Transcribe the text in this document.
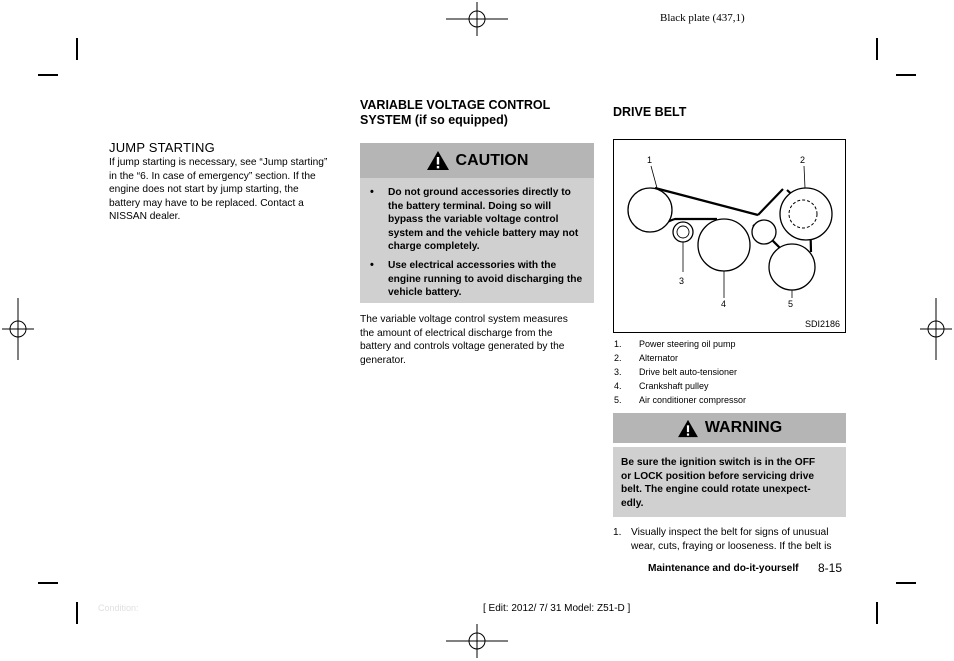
Black plate (437,1)
JUMP STARTING
If jump starting is necessary, see “Jump starting”
in the “6. In case of emergency” section. If the
engine does not start by jump starting, the
battery may have to be replaced. Contact a
NISSAN dealer.
VARIABLE VOLTAGE CONTROL
SYSTEM (if so equipped)
CAUTION
• Do not ground accessories directly to the battery terminal. Doing so will bypass the variable voltage control system and the vehicle battery may not charge completely.
• Use electrical accessories with the engine running to avoid discharging the vehicle battery.
The variable voltage control system measures
the amount of electrical discharge from the
battery and controls voltage generated by the
generator.
DRIVE BELT
1	2
3
4	5
SDI2186
1. Power steering oil pump
2. Alternator
3. Drive belt auto-tensioner
4. Crankshaft pulley
5. Air conditioner compressor
WARNING
Be sure the ignition switch is in the OFF
or LOCK position before servicing drive
belt. The engine could rotate unexpect-
edly.
1. Visually inspect the belt for signs of unusual
wear, cuts, fraying or looseness. If the belt is
Maintenance and do-it-yourself 8-15
Condition:	[ Edit: 2012/ 7/ 31 Model: Z51-D ]
